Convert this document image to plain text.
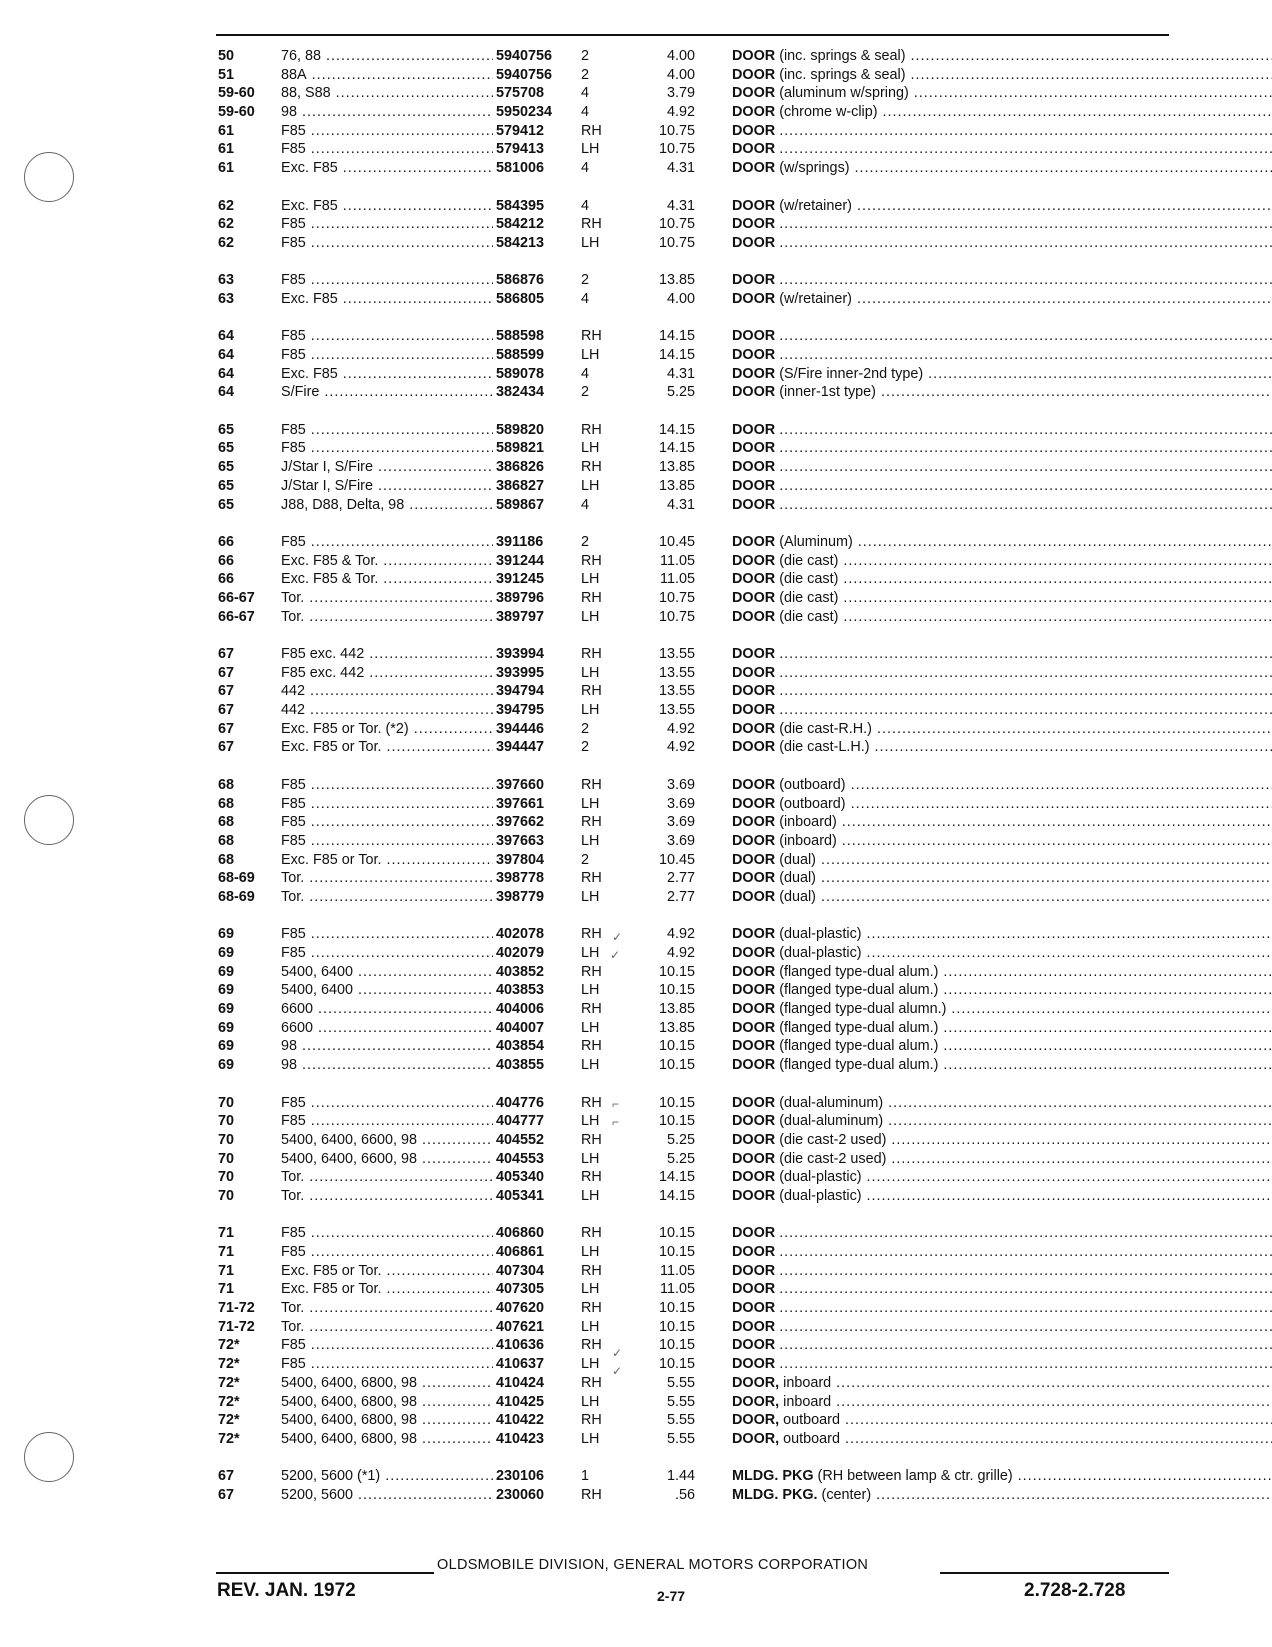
✓
✓
⌐
⌐
✓
✓
50	76, 88 .....	5940756	2	4.00	DOOR (inc. springs & seal) .....
51	88A .....	5940756	2	4.00	DOOR (inc. springs & seal) .....
59-60	88, S88 .....	575708	4	3.79	DOOR (aluminum w/spring) .....
59-60	98 .....	5950234	4	4.92	DOOR (chrome w-clip) .....
61	F85 .....	579412	RH	10.75	DOOR .....
61	F85 .....	579413	LH	10.75	DOOR .....
61	Exc. F85 .....	581006	4	4.31	DOOR (w/springs) .....
62	Exc. F85 .....	584395	4	4.31	DOOR (w/retainer) .....
62	F85 .....	584212	RH	10.75	DOOR .....
62	F85 .....	584213	LH	10.75	DOOR .....
63	F85 .....	586876	2	13.85	DOOR .....
63	Exc. F85 .....	586805	4	4.00	DOOR (w/retainer) .....
64	F85 .....	588598	RH	14.15	DOOR .....
64	F85 .....	588599	LH	14.15	DOOR .....
64	Exc. F85 .....	589078	4	4.31	DOOR (S/Fire inner-2nd type) .....
64	S/Fire .....	382434	2	5.25	DOOR (inner-1st type) .....
65	F85 .....	589820	RH	14.15	DOOR .....
65	F85 .....	589821	LH	14.15	DOOR .....
65	J/Star I, S/Fire .....	386826	RH	13.85	DOOR .....
65	J/Star I, S/Fire .....	386827	LH	13.85	DOOR .....
65	J88, D88, Delta, 98 .....	589867	4	4.31	DOOR .....
66	F85 .....	391186	2	10.45	DOOR (Aluminum) .....
66	Exc. F85 & Tor. .....	391244	RH	11.05	DOOR (die cast) .....
66	Exc. F85 & Tor. .....	391245	LH	11.05	DOOR (die cast) .....
66-67	Tor. .....	389796	RH	10.75	DOOR (die cast) .....
66-67	Tor. .....	389797	LH	10.75	DOOR (die cast) .....
67	F85 exc. 442 .....	393994	RH	13.55	DOOR .....
67	F85 exc. 442 .....	393995	LH	13.55	DOOR .....
67	442 .....	394794	RH	13.55	DOOR .....
67	442 .....	394795	LH	13.55	DOOR .....
67	Exc. F85 or Tor. (*2) .....	394446	2	4.92	DOOR (die cast-R.H.) .....
67	Exc. F85 or Tor. .....	394447	2	4.92	DOOR (die cast-L.H.) .....
68	F85 .....	397660	RH	3.69	DOOR (outboard) .....
68	F85 .....	397661	LH	3.69	DOOR (outboard) .....
68	F85 .....	397662	RH	3.69	DOOR (inboard) .....
68	F85 .....	397663	LH	3.69	DOOR (inboard) .....
68	Exc. F85 or Tor. .....	397804	2	10.45	DOOR (dual) .....
68-69	Tor. .....	398778	RH	2.77	DOOR (dual) .....
68-69	Tor. .....	398779	LH	2.77	DOOR (dual) .....
69	F85 .....	402078	RH	4.92	DOOR (dual-plastic) .....
69	F85 .....	402079	LH	4.92	DOOR (dual-plastic) .....
69	5400, 6400 .....	403852	RH	10.15	DOOR (flanged type-dual alum.) .....
69	5400, 6400 .....	403853	LH	10.15	DOOR (flanged type-dual alum.) .....
69	6600 .....	404006	RH	13.85	DOOR (flanged type-dual alumn.) .....
69	6600 .....	404007	LH	13.85	DOOR (flanged type-dual alum.) .....
69	98 .....	403854	RH	10.15	DOOR (flanged type-dual alum.) .....
69	98 .....	403855	LH	10.15	DOOR (flanged type-dual alum.) .....
70	F85 .....	404776	RH	10.15	DOOR (dual-aluminum) .....
70	F85 .....	404777	LH	10.15	DOOR (dual-aluminum) .....
70	5400, 6400, 6600, 98 .....	404552	RH	5.25	DOOR (die cast-2 used) .....
70	5400, 6400, 6600, 98 .....	404553	LH	5.25	DOOR (die cast-2 used) .....
70	Tor. .....	405340	RH	14.15	DOOR (dual-plastic) .....
70	Tor. .....	405341	LH	14.15	DOOR (dual-plastic) .....
71	F85 .....	406860	RH	10.15	DOOR .....
71	F85 .....	406861	LH	10.15	DOOR .....
71	Exc. F85 or Tor. .....	407304	RH	11.05	DOOR .....
71	Exc. F85 or Tor. .....	407305	LH	11.05	DOOR .....
71-72	Tor. .....	407620	RH	10.15	DOOR .....
71-72	Tor. .....	407621	LH	10.15	DOOR .....
72*	F85 .....	410636	RH	10.15	DOOR .....
72*	F85 .....	410637	LH	10.15	DOOR .....
72*	5400, 6400, 6800, 98 .....	410424	RH	5.55	DOOR, inboard .....
72*	5400, 6400, 6800, 98 .....	410425	LH	5.55	DOOR, inboard .....
72*	5400, 6400, 6800, 98 .....	410422	RH	5.55	DOOR, outboard .....
72*	5400, 6400, 6800, 98 .....	410423	LH	5.55	DOOR, outboard .....
67	5200, 5600 (*1) .....	230106	1	1.44	MLDG. PKG (RH between lamp & ctr. grille) .....
67	5200, 5600 .....	230060	RH	.56	MLDG. PKG. (center) .....
OLDSMOBILE DIVISION, GENERAL MOTORS CORPORATION
REV. JAN. 1972	2-77	2.728-2.728
